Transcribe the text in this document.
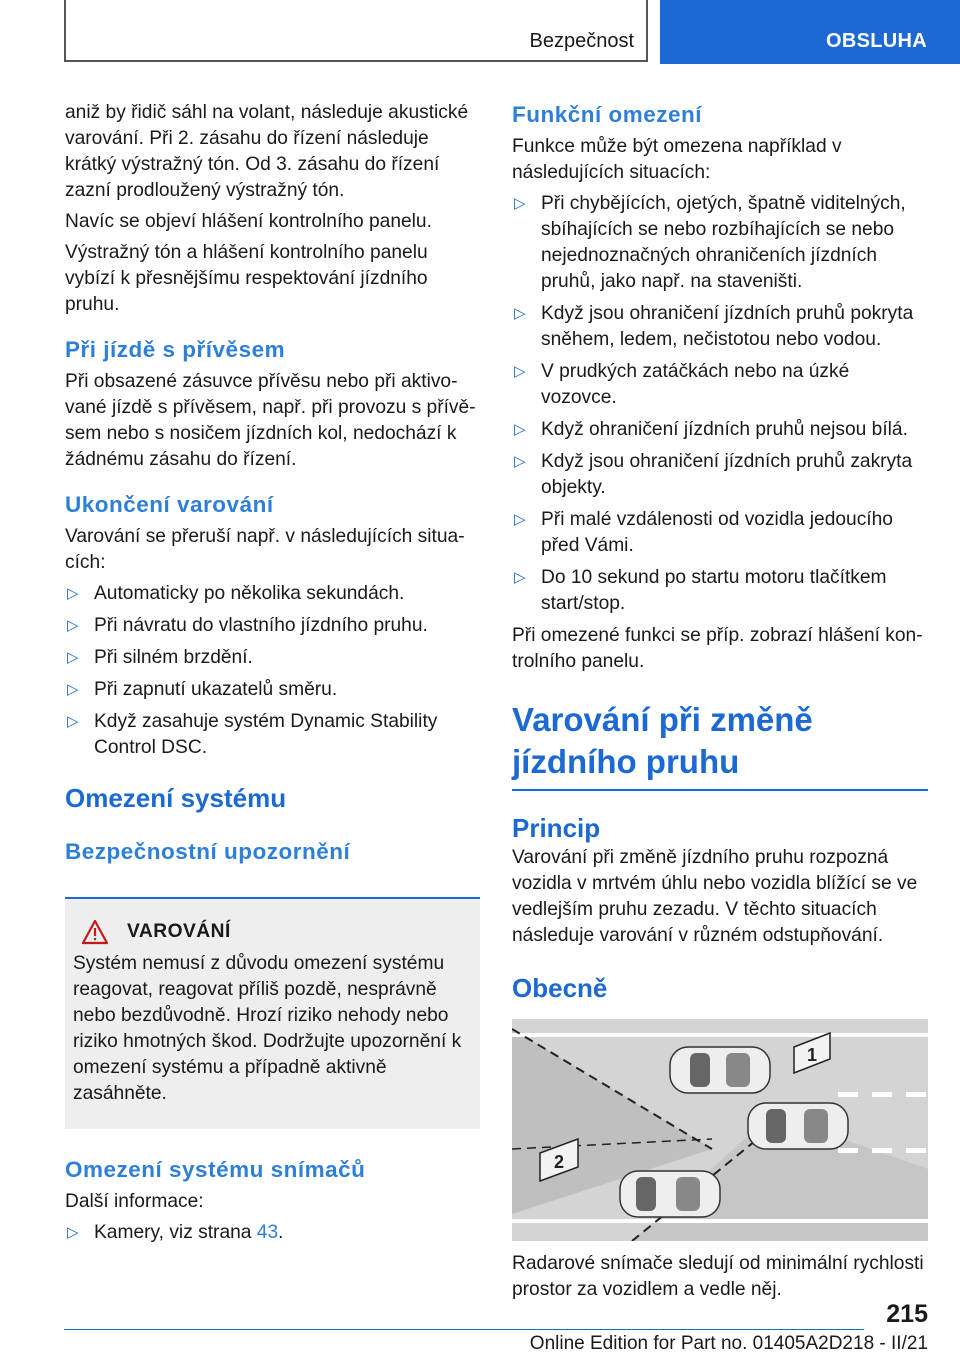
Bezpečnost	OBSLUHA

aniž by řidič sáhl na volant, následuje akustické varování. Při 2. zásahu do řízení následuje krátký výstražný tón. Od 3. zásahu do řízení zazní prodloužený výstražný tón.

Navíc se objeví hlášení kontrolního panelu.

Výstražný tón a hlášení kontrolního panelu vybízí k přesnějšímu respektování jízdního pruhu.

Při jízdě s přívěsem

Při obsazené zásuvce přívěsu nebo při aktivované jízdě s přívěsem, např. při provozu s přívěsem nebo s nosičem jízdních kol, nedochází k žádnému zásahu do řízení.

Ukončení varování

Varování se přeruší např. v následujících situacích:

▷ Automaticky po několika sekundách.
▷ Při návratu do vlastního jízdního pruhu.
▷ Při silném brzdění.
▷ Při zapnutí ukazatelů směru.
▷ Když zasahuje systém Dynamic Stability Control DSC.
Omezení systému
Bezpečnostní upozornění
VAROVÁNÍ

Systém nemusí z důvodu omezení systému reagovat, reagovat příliš pozdě, nesprávně nebo bezdůvodně. Hrozí riziko nehody nebo riziko hmotných škod. Dodržujte upozornění k omezení systému a případně aktivně zasáhněte.

Omezení systému snímačů

Další informace:

▷ Kamery, viz strana 43.
Funkční omezení

Funkce může být omezena například v následujících situacích:

▷ Při chybějících, ojetých, špatně viditelných, sbíhajících se nebo rozbíhajících se nebo nejednoznačných ohraničeních jízdních pruhů, jako např. na staveništi.
▷ Když jsou ohraničení jízdních pruhů pokryta sněhem, ledem, nečistotou nebo vodou.
▷ V prudkých zatáčkách nebo na úzké vozovce.
▷ Když ohraničení jízdních pruhů nejsou bílá.
▷ Když jsou ohraničení jízdních pruhů zakryta objekty.
▷ Při malé vzdálenosti od vozidla jedoucího před Vámi.
▷ Do 10 sekund po startu motoru tlačítkem start/stop.

Při omezené funkci se příp. zobrazí hlášení kontrolního panelu.

Varování při změně jízdního pruhu
Princip

Varování při změně jízdního pruhu rozpozná vozidla v mrtvém úhlu nebo vozidla blížící se ve vedlejším pruhu zezadu. V těchto situacích následuje varování v různém odstupňování.

Obecně
1
2

Radarové snímače sledují od minimální rychlosti prostor za vozidlem a vedle něj.

215
Online Edition for Part no. 01405A2D218 - II/21
